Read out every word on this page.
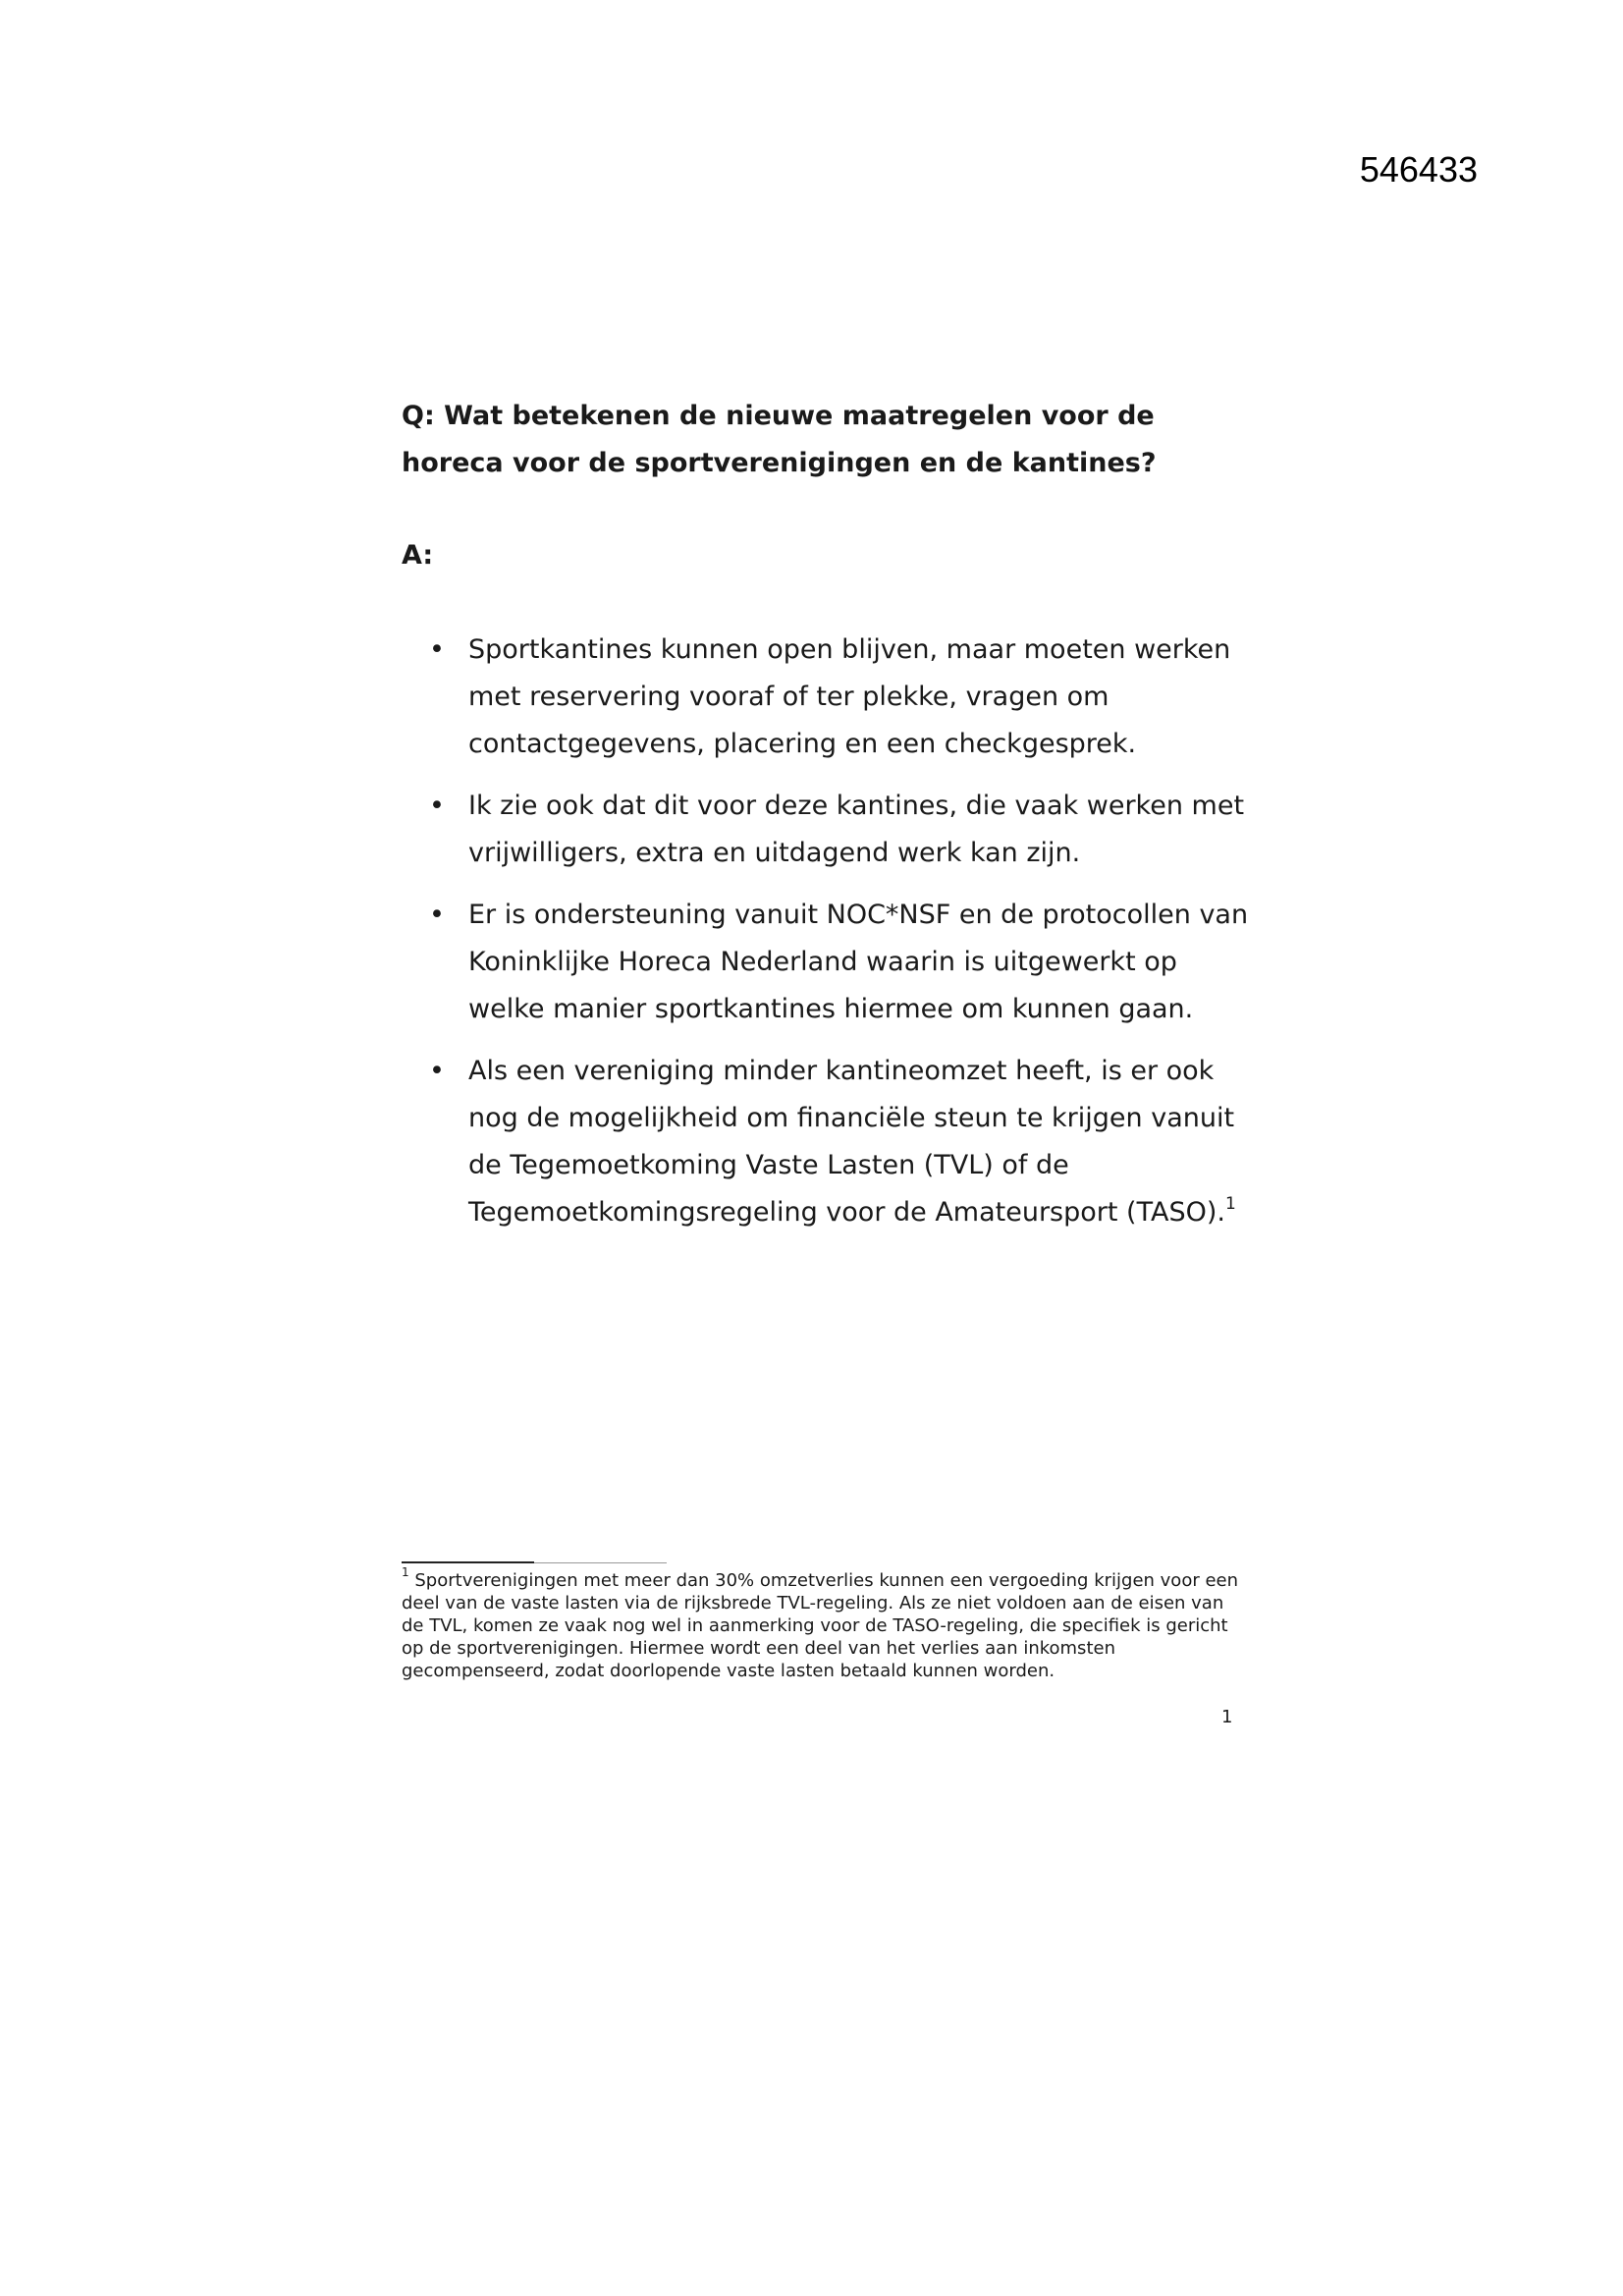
546433

Q: Wat betekenen de nieuwe maatregelen voor de horeca voor de sportverenigingen en de kantines?

A:

• Sportkantines kunnen open blijven, maar moeten werken met reservering vooraf of ter plekke, vragen om contactgegevens, placering en een checkgesprek.
• Ik zie ook dat dit voor deze kantines, die vaak werken met vrijwilligers, extra en uitdagend werk kan zijn.
• Er is ondersteuning vanuit NOC*NSF en de protocollen van Koninklijke Horeca Nederland waarin is uitgewerkt op welke manier sportkantines hiermee om kunnen gaan.
• Als een vereniging minder kantineomzet heeft, is er ook nog de mogelijkheid om financiële steun te krijgen vanuit de Tegemoetkoming Vaste Lasten (TVL) of de Tegemoetkomingsregeling voor de Amateursport (TASO).$^1$

$^1$ Sportverenigingen met meer dan 30% omzetverlies kunnen een vergoeding krijgen voor een deel van de vaste lasten via de rijksbrede TVL-regeling. Als ze niet voldoen aan de eisen van de TVL, komen ze vaak nog wel in aanmerking voor de TASO-regeling, die specifiek is gericht op de sportverenigingen. Hiermee wordt een deel van het verlies aan inkomsten gecompenseerd, zodat doorlopende vaste lasten betaald kunnen worden.

1
